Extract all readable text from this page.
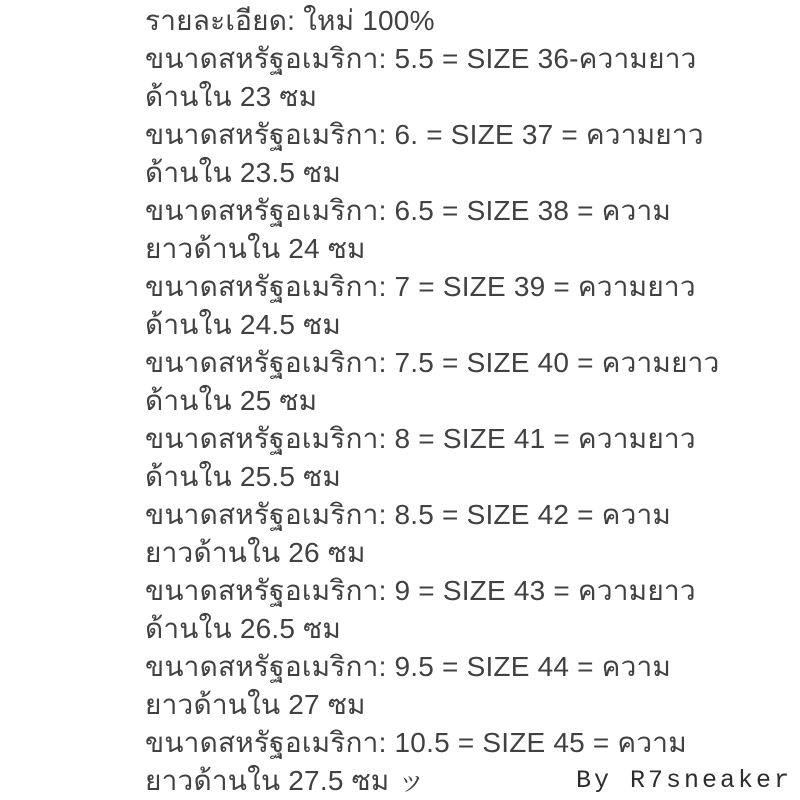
รายละเอียด: ใหม่ 100%
ขนาดสหรัฐอเมริกา: 5.5 = SIZE 36-ความยาว
ด้านใน 23 ซม
ขนาดสหรัฐอเมริกา: 6. = SIZE 37 = ความยาว
ด้านใน 23.5 ซม
ขนาดสหรัฐอเมริกา: 6.5 = SIZE 38 = ความ
ยาวด้านใน 24 ซม
ขนาดสหรัฐอเมริกา: 7 = SIZE 39 = ความยาว
ด้านใน 24.5 ซม
ขนาดสหรัฐอเมริกา: 7.5 = SIZE 40 = ความยาว
ด้านใน 25 ซม
ขนาดสหรัฐอเมริกา: 8 = SIZE 41 = ความยาว
ด้านใน 25.5 ซม
ขนาดสหรัฐอเมริกา: 8.5 = SIZE 42 = ความ
ยาวด้านใน 26 ซม
ขนาดสหรัฐอเมริกา: 9 = SIZE 43 = ความยาว
ด้านใน 26.5 ซม
ขนาดสหรัฐอเมริกา: 9.5 = SIZE 44 = ความ
ยาวด้านใน 27 ซม
ขนาดสหรัฐอเมริกา: 10.5 = SIZE 45 = ความ
ยาวด้านใน 27.5 ซม ッ	By R7sneaker
